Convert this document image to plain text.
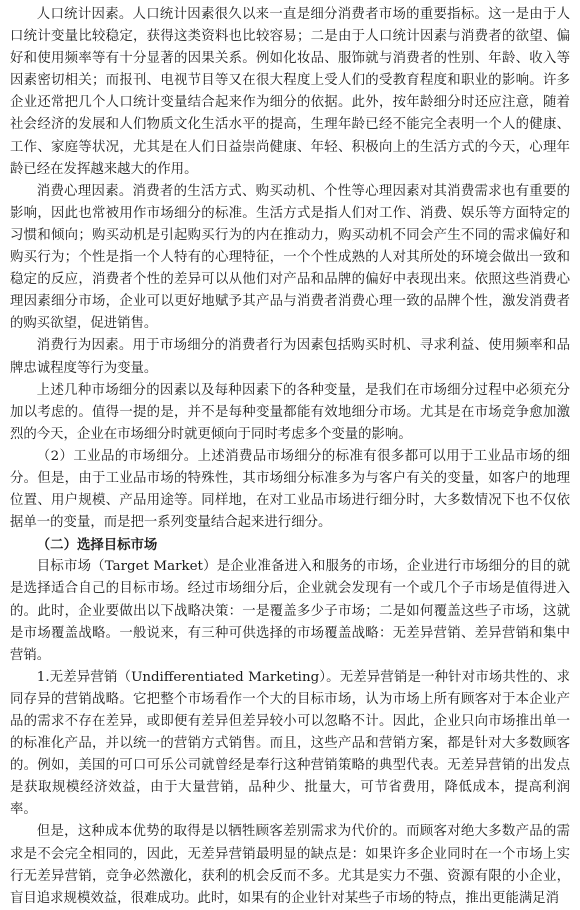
人口统计因素。人口统计因素很久以来一直是细分消费者市场的重要指标。这一是由于人口统计变量比较稳定，获得这类资料也比较容易；二是由于人口统计因素与消费者的欲望、偏好和使用频率等有十分显著的因果关系。例如化妆品、服饰就与消费者的性别、年龄、收入等因素密切相关；而报刊、电视节目等又在很大程度上受人们的受教育程度和职业的影响。许多企业还常把几个人口统计变量结合起来作为细分的依据。此外，按年龄细分时还应注意，随着社会经济的发展和人们物质文化生活水平的提高，生理年龄已经不能完全表明一个人的健康、工作、家庭等状况，尤其是在人们日益崇尚健康、年轻、积极向上的生活方式的今天，心理年龄已经在发挥越来越大的作用。

消费心理因素。消费者的生活方式、购买动机、个性等心理因素对其消费需求也有重要的影响，因此也常被用作市场细分的标准。生活方式是指人们对工作、消费、娱乐等方面特定的习惯和倾向；购买动机是引起购买行为的内在推动力，购买动机不同会产生不同的需求偏好和购买行为；个性是指一个人特有的心理特征，一个个性成熟的人对其所处的环境会做出一致和稳定的反应，消费者个性的差异可以从他们对产品和品牌的偏好中表现出来。依照这些消费心理因素细分市场，企业可以更好地赋予其产品与消费者消费心理一致的品牌个性，激发消费者的购买欲望，促进销售。

消费行为因素。用于市场细分的消费者行为因素包括购买时机、寻求利益、使用频率和品牌忠诚程度等行为变量。

上述几种市场细分的因素以及每种因素下的各种变量，是我们在市场细分过程中必须充分加以考虑的。值得一提的是，并不是每种变量都能有效地细分市场。尤其是在市场竞争愈加激烈的今天，企业在市场细分时就更倾向于同时考虑多个变量的影响。

（2）工业品的市场细分。上述消费品市场细分的标准有很多都可以用于工业品市场的细分。但是，由于工业品市场的特殊性，其市场细分标准多为与客户有关的变量，如客户的地理位置、用户规模、产品用途等。同样地，在对工业品市场进行细分时，大多数情况下也不仅依据单一的变量，而是把一系列变量结合起来进行细分。

（二）选择目标市场

目标市场（Target Market）是企业准备进入和服务的市场，企业进行市场细分的目的就是选择适合自己的目标市场。经过市场细分后，企业就会发现有一个或几个子市场是值得进入的。此时，企业要做出以下战略决策：一是覆盖多少子市场；二是如何覆盖这些子市场，这就是市场覆盖战略。一般说来，有三种可供选择的市场覆盖战略：无差异营销、差异营销和集中营销。

1.无差异营销（Undifferentiated Marketing）。无差异营销是一种针对市场共性的、求同存异的营销战略。它把整个市场看作一个大的目标市场，认为市场上所有顾客对于本企业产品的需求不存在差异，或即便有差异但差异较小可以忽略不计。因此，企业只向市场推出单一的标准化产品，并以统一的营销方式销售。而且，这些产品和营销方案，都是针对大多数顾客的。例如，美国的可口可乐公司就曾经是奉行这种营销策略的典型代表。无差异营销的出发点是获取规模经济效益，由于大量营销，品种少、批量大，可节省费用，降低成本，提高利润率。

但是，这种成本优势的取得是以牺牲顾客差别需求为代价的。而顾客对绝大多数产品的需求是不会完全相同的，因此，无差异营销最明显的缺点是：如果许多企业同时在一个市场上实行无差异营销，竞争必然激化，获利的机会反而不多。尤其是实力不强、资源有限的小企业，盲目追求规模效益，很难成功。此时，如果有的企业针对某些子市场的特点，推出更能满足消
